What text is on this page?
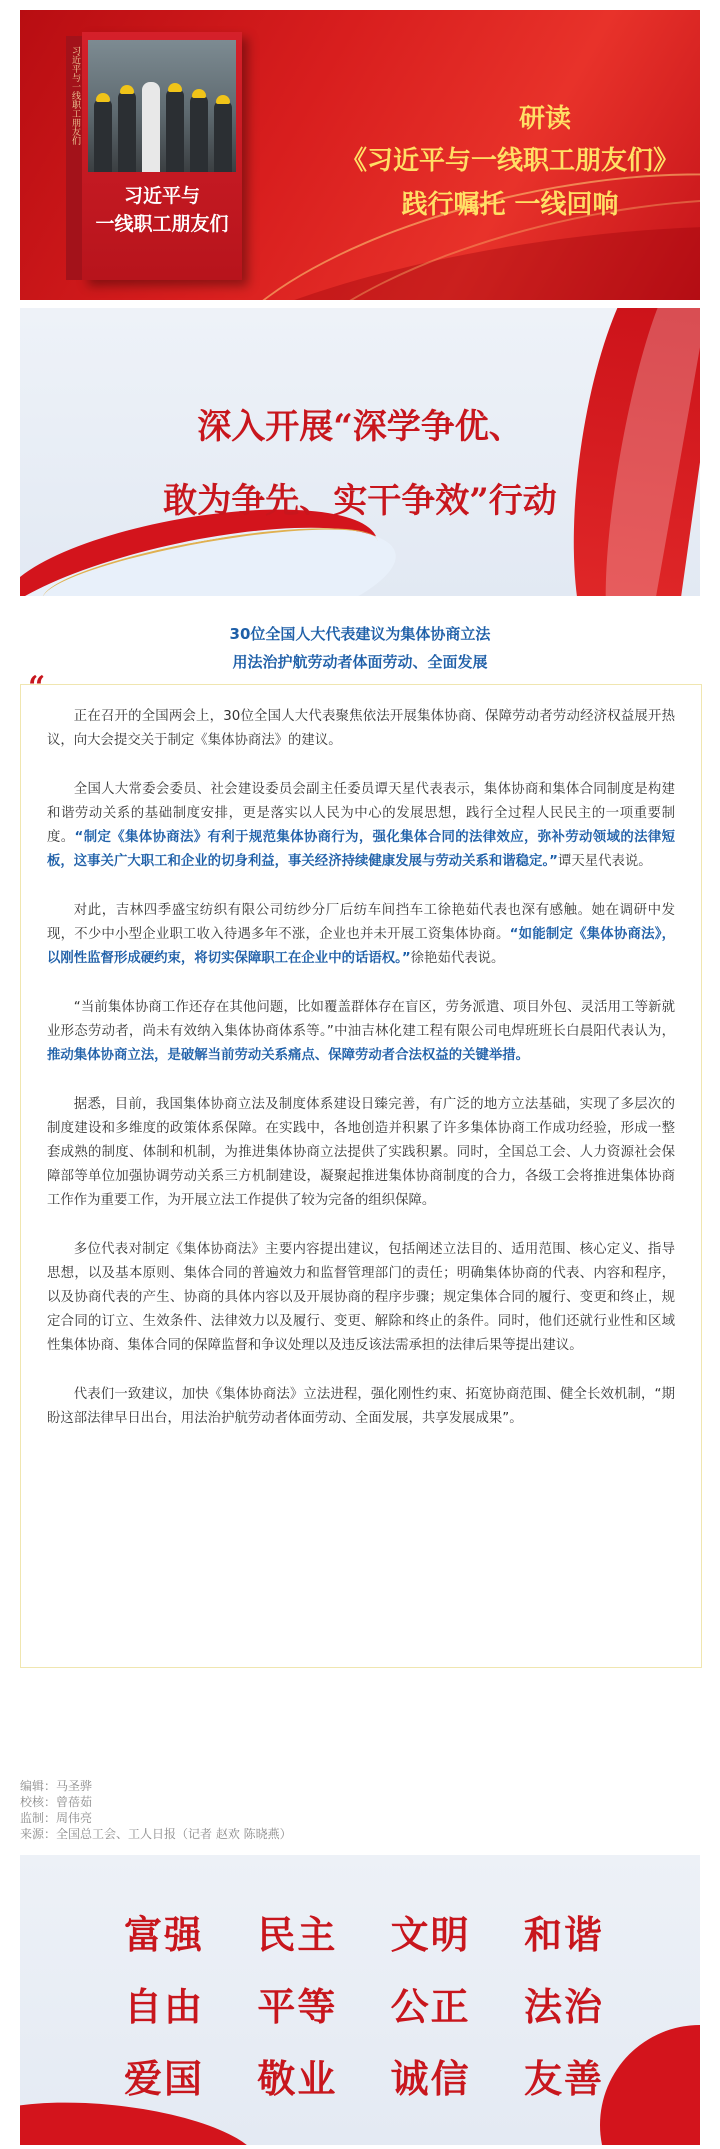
习近平与一线职工朋友们
习近平与
一线职工朋友们
研读
《习近平与一线职工朋友们》
践行嘱托 一线回响
深入开展“深学争优、
敢为争先、实干争效”行动
30位全国人大代表建议为集体协商立法
用法治护航劳动者体面劳动、全面发展
“

正在召开的全国两会上，30位全国人大代表聚焦依法开展集体协商、保障劳动者劳动经济权益展开热议，向大会提交关于制定《集体协商法》的建议。

全国人大常委会委员、社会建设委员会副主任委员谭天星代表表示，集体协商和集体合同制度是构建和谐劳动关系的基础制度安排，更是落实以人民为中心的发展思想，践行全过程人民民主的一项重要制度。“制定《集体协商法》有利于规范集体协商行为，强化集体合同的法律效应，弥补劳动领域的法律短板，这事关广大职工和企业的切身利益，事关经济持续健康发展与劳动关系和谐稳定。”谭天星代表说。

对此，吉林四季盛宝纺织有限公司纺纱分厂后纺车间挡车工徐艳茹代表也深有感触。她在调研中发现，不少中小型企业职工收入待遇多年不涨，企业也并未开展工资集体协商。“如能制定《集体协商法》，以刚性监督形成硬约束，将切实保障职工在企业中的话语权。”徐艳茹代表说。

“当前集体协商工作还存在其他问题，比如覆盖群体存在盲区，劳务派遣、项目外包、灵活用工等新就业形态劳动者，尚未有效纳入集体协商体系等。”中油吉林化建工程有限公司电焊班班长白晨阳代表认为，推动集体协商立法，是破解当前劳动关系痛点、保障劳动者合法权益的关键举措。

据悉，目前，我国集体协商立法及制度体系建设日臻完善，有广泛的地方立法基础，实现了多层次的制度建设和多维度的政策体系保障。在实践中，各地创造并积累了许多集体协商工作成功经验，形成一整套成熟的制度、体制和机制，为推进集体协商立法提供了实践积累。同时，全国总工会、人力资源社会保障部等单位加强协调劳动关系三方机制建设，凝聚起推进集体协商制度的合力，各级工会将推进集体协商工作作为重要工作，为开展立法工作提供了较为完备的组织保障。

多位代表对制定《集体协商法》主要内容提出建议，包括阐述立法目的、适用范围、核心定义、指导思想，以及基本原则、集体合同的普遍效力和监督管理部门的责任；明确集体协商的代表、内容和程序，以及协商代表的产生、协商的具体内容以及开展协商的程序步骤；规定集体合同的履行、变更和终止，规定合同的订立、生效条件、法律效力以及履行、变更、解除和终止的条件。同时，他们还就行业性和区域性集体协商、集体合同的保障监督和争议处理以及违反该法需承担的法律后果等提出建议。

代表们一致建议，加快《集体协商法》立法进程，强化刚性约束、拓宽协商范围、健全长效机制，“期盼这部法律早日出台，用法治护航劳动者体面劳动、全面发展，共享发展成果”。

编辑：马圣骅
校核：曾蓓茹
监制：周伟亮
来源：全国总工会、工人日报（记者 赵欢 陈晓燕）
富强 民主 文明 和谐
自由 平等 公正 法治
爱国 敬业 诚信 友善
